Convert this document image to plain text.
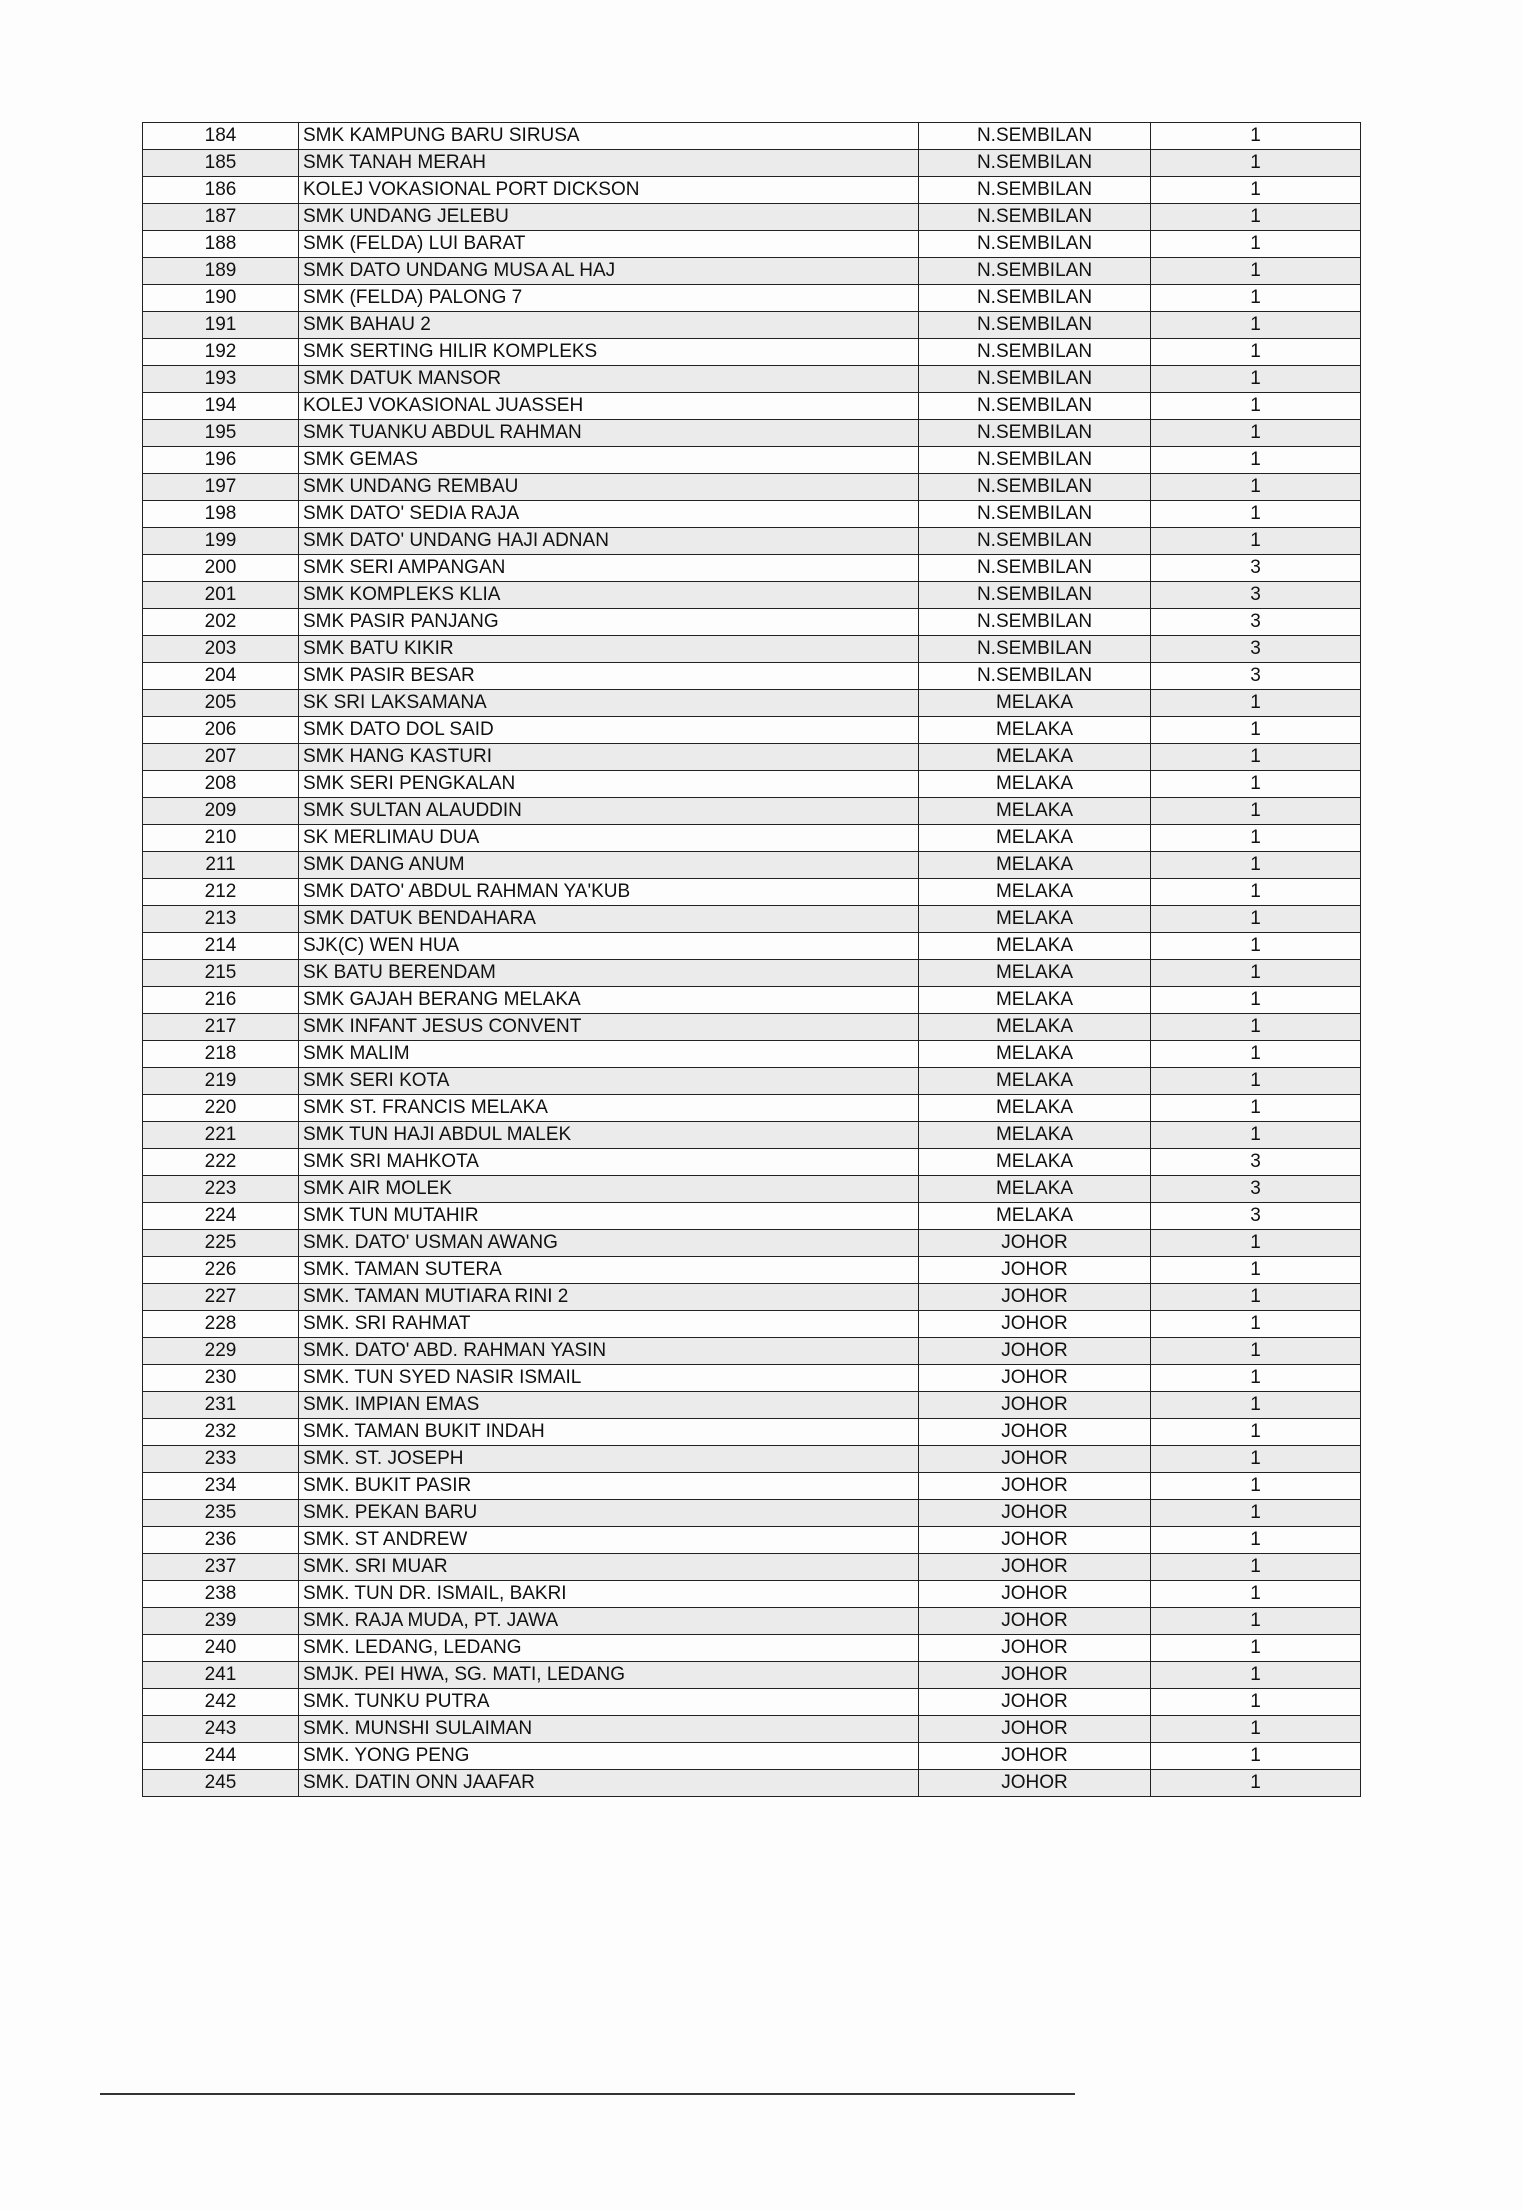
184	SMK KAMPUNG BARU SIRUSA	N.SEMBILAN	1
185	SMK TANAH MERAH	N.SEMBILAN	1
186	KOLEJ VOKASIONAL PORT DICKSON	N.SEMBILAN	1
187	SMK UNDANG JELEBU	N.SEMBILAN	1
188	SMK (FELDA) LUI BARAT	N.SEMBILAN	1
189	SMK DATO UNDANG MUSA AL HAJ	N.SEMBILAN	1
190	SMK (FELDA) PALONG 7	N.SEMBILAN	1
191	SMK BAHAU 2	N.SEMBILAN	1
192	SMK SERTING HILIR KOMPLEKS	N.SEMBILAN	1
193	SMK DATUK MANSOR	N.SEMBILAN	1
194	KOLEJ VOKASIONAL JUASSEH	N.SEMBILAN	1
195	SMK TUANKU ABDUL RAHMAN	N.SEMBILAN	1
196	SMK GEMAS	N.SEMBILAN	1
197	SMK UNDANG REMBAU	N.SEMBILAN	1
198	SMK DATO' SEDIA RAJA	N.SEMBILAN	1
199	SMK DATO' UNDANG HAJI ADNAN	N.SEMBILAN	1
200	SMK SERI AMPANGAN	N.SEMBILAN	3
201	SMK KOMPLEKS KLIA	N.SEMBILAN	3
202	SMK PASIR PANJANG	N.SEMBILAN	3
203	SMK BATU KIKIR	N.SEMBILAN	3
204	SMK PASIR BESAR	N.SEMBILAN	3
205	SK SRI LAKSAMANA	MELAKA	1
206	SMK DATO DOL SAID	MELAKA	1
207	SMK HANG KASTURI	MELAKA	1
208	SMK SERI PENGKALAN	MELAKA	1
209	SMK SULTAN ALAUDDIN	MELAKA	1
210	SK MERLIMAU DUA	MELAKA	1
211	SMK DANG ANUM	MELAKA	1
212	SMK DATO' ABDUL RAHMAN YA'KUB	MELAKA	1
213	SMK DATUK BENDAHARA	MELAKA	1
214	SJK(C) WEN HUA	MELAKA	1
215	SK BATU BERENDAM	MELAKA	1
216	SMK GAJAH BERANG MELAKA	MELAKA	1
217	SMK INFANT JESUS CONVENT	MELAKA	1
218	SMK MALIM	MELAKA	1
219	SMK SERI KOTA	MELAKA	1
220	SMK ST. FRANCIS MELAKA	MELAKA	1
221	SMK TUN HAJI ABDUL MALEK	MELAKA	1
222	SMK SRI MAHKOTA	MELAKA	3
223	SMK AIR MOLEK	MELAKA	3
224	SMK TUN MUTAHIR	MELAKA	3
225	SMK. DATO' USMAN AWANG	JOHOR	1
226	SMK. TAMAN SUTERA	JOHOR	1
227	SMK. TAMAN MUTIARA RINI 2	JOHOR	1
228	SMK. SRI RAHMAT	JOHOR	1
229	SMK. DATO' ABD. RAHMAN YASIN	JOHOR	1
230	SMK. TUN SYED NASIR ISMAIL	JOHOR	1
231	SMK. IMPIAN EMAS	JOHOR	1
232	SMK. TAMAN BUKIT INDAH	JOHOR	1
233	SMK. ST. JOSEPH	JOHOR	1
234	SMK. BUKIT PASIR	JOHOR	1
235	SMK. PEKAN BARU	JOHOR	1
236	SMK. ST ANDREW	JOHOR	1
237	SMK. SRI MUAR	JOHOR	1
238	SMK. TUN DR. ISMAIL, BAKRI	JOHOR	1
239	SMK. RAJA MUDA, PT. JAWA	JOHOR	1
240	SMK. LEDANG, LEDANG	JOHOR	1
241	SMJK. PEI HWA, SG. MATI, LEDANG	JOHOR	1
242	SMK. TUNKU PUTRA	JOHOR	1
243	SMK. MUNSHI SULAIMAN	JOHOR	1
244	SMK. YONG PENG	JOHOR	1
245	SMK. DATIN ONN JAAFAR	JOHOR	1
